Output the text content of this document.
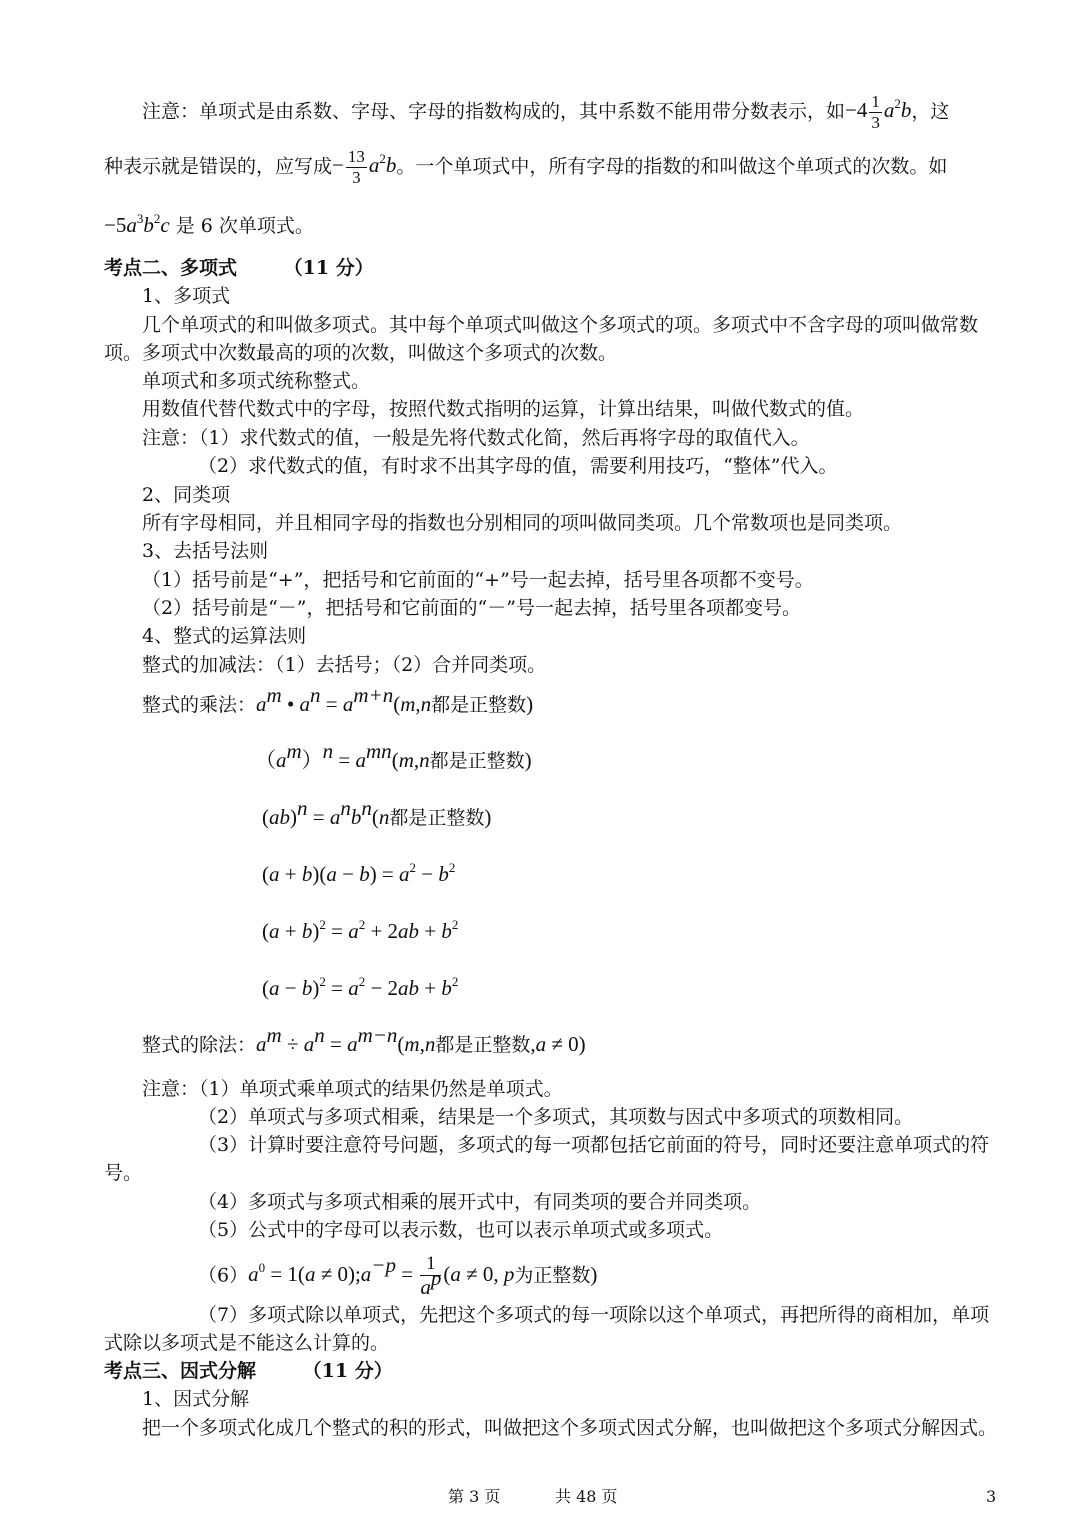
注意：单项式是由系数、字母、字母的指数构成的，其中系数不能用带分数表示，如$-4 \frac{1}{3} a^2b$，这
种表示就是错误的，应写成− $\frac{13}{3} a^2b$。一个单项式中，所有字母的指数的和叫做这个单项式的次数。如
$-5a^3b^2c$ 是 6 次单项式。
考点二、多项式 （11 分）
1、多项式
几个单项式的和叫做多项式。其中每个单项式叫做这个多项式的项。多项式中不含字母的项叫做常数项。多项式中次数最高的项的次数，叫做这个多项式的次数。
单项式和多项式统称整式。
用数值代替代数式中的字母，按照代数式指明的运算，计算出结果，叫做代数式的值。
注意：（1）求代数式的值，一般是先将代数式化简，然后再将字母的取值代入。
（2）求代数式的值，有时求不出其字母的值，需要利用技巧，“整体”代入。
2、同类项
所有字母相同，并且相同字母的指数也分别相同的项叫做同类项。几个常数项也是同类项。
3、去括号法则
（1）括号前是“+”，把括号和它前面的“+”号一起去掉，括号里各项都不变号。
（2）括号前是“－”，把括号和它前面的“－”号一起去掉，括号里各项都变号。
4、整式的运算法则
整式的加减法：（1）去括号；（2）合并同类项。
整式的乘法：$a^m$ • $a^n = a^{m+n}(m,n$都是正整数)
$(a^m)^n = a^{mn}(m,n$都是正整数)
$(ab)^n = a^nb^n(n$都是正整数)
$(a + b)(a - b) = a^2 - b^2$
$(a + b)^2 = a^2 + 2ab + b^2$
$(a - b)^2 = a^2 - 2ab + b^2$
整式的除法：$a^m \div a^n = a^{m-n}(m,n$都是正整数,a ≠ 0)
注意：（1）单项式乘单项式的结果仍然是单项式。
（2）单项式与多项式相乘，结果是一个多项式，其项数与因式中多项式的项数相同。
（3）计算时要注意符号问题，多项式的每一项都包括它前面的符号，同时还要注意单项式的符号。
（4）多项式与多项式相乘的展开式中，有同类项的要合并同类项。
（5）公式中的字母可以表示数，也可以表示单项式或多项式。
$(6)a^0 = 1(a$ ≠ $0);a^{-p} = \frac{1}{a^p} (a \ne 0$, p为正整数)
（7）多项式除以单项式，先把这个多项式的每一项除以这个单项式，再把所得的商相加，单项式除以多项式是不能这么计算的。
考点三、因式分解 （11 分）
1、因式分解
把一个多项式化成几个整式的积的形式，叫做把这个多项式因式分解，也叫做把这个多项式分解因式。
第 3 页	共 48 页	3
